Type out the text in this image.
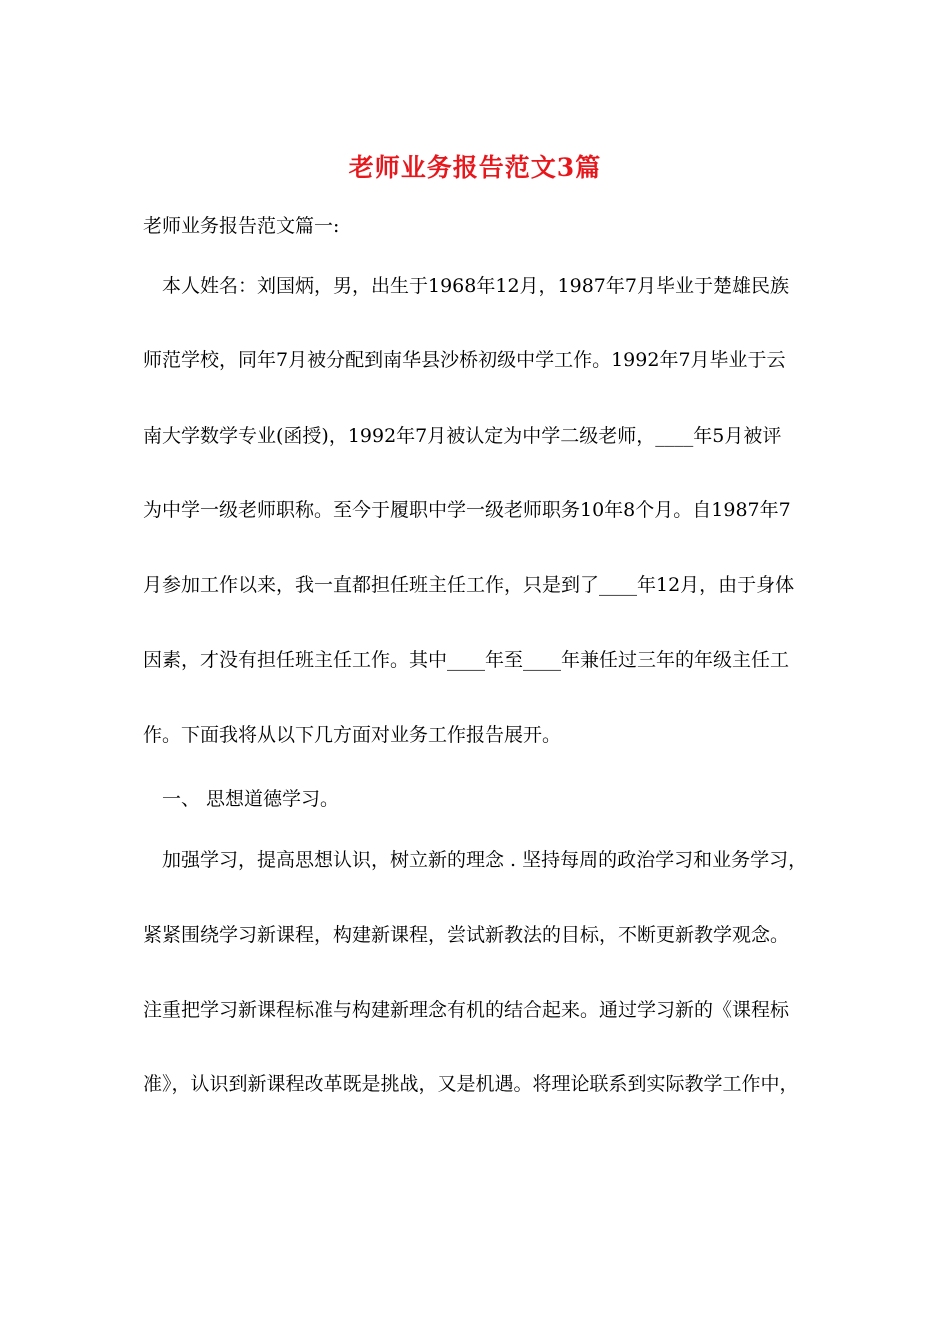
老师业务报告范文3篇
老师业务报告范文篇一:
本人姓名：刘国炳，男，出生于1968年12月，1987年7月毕业于楚雄民族
师范学校，同年7月被分配到南华县沙桥初级中学工作。1992年7月毕业于云
南大学数学专业(函授)，1992年7月被认定为中学二级老师，____年5月被评
为中学一级老师职称。至今于履职中学一级老师职务10年8个月。自1987年7
月参加工作以来，我一直都担任班主任工作，只是到了____年12月，由于身体
因素，才没有担任班主任工作。其中____年至____年兼任过三年的年级主任工
作。下面我将从以下几方面对业务工作报告展开。
一、 思想道德学习。
加强学习，提高思想认识，树立新的理念 . 坚持每周的政治学习和业务学习，
紧紧围绕学习新课程，构建新课程，尝试新教法的目标，不断更新教学观念。
注重把学习新课程标准与构建新理念有机的结合起来。通过学习新的《课程标
准》，认识到新课程改革既是挑战，又是机遇。将理论联系到实际教学工作中，
